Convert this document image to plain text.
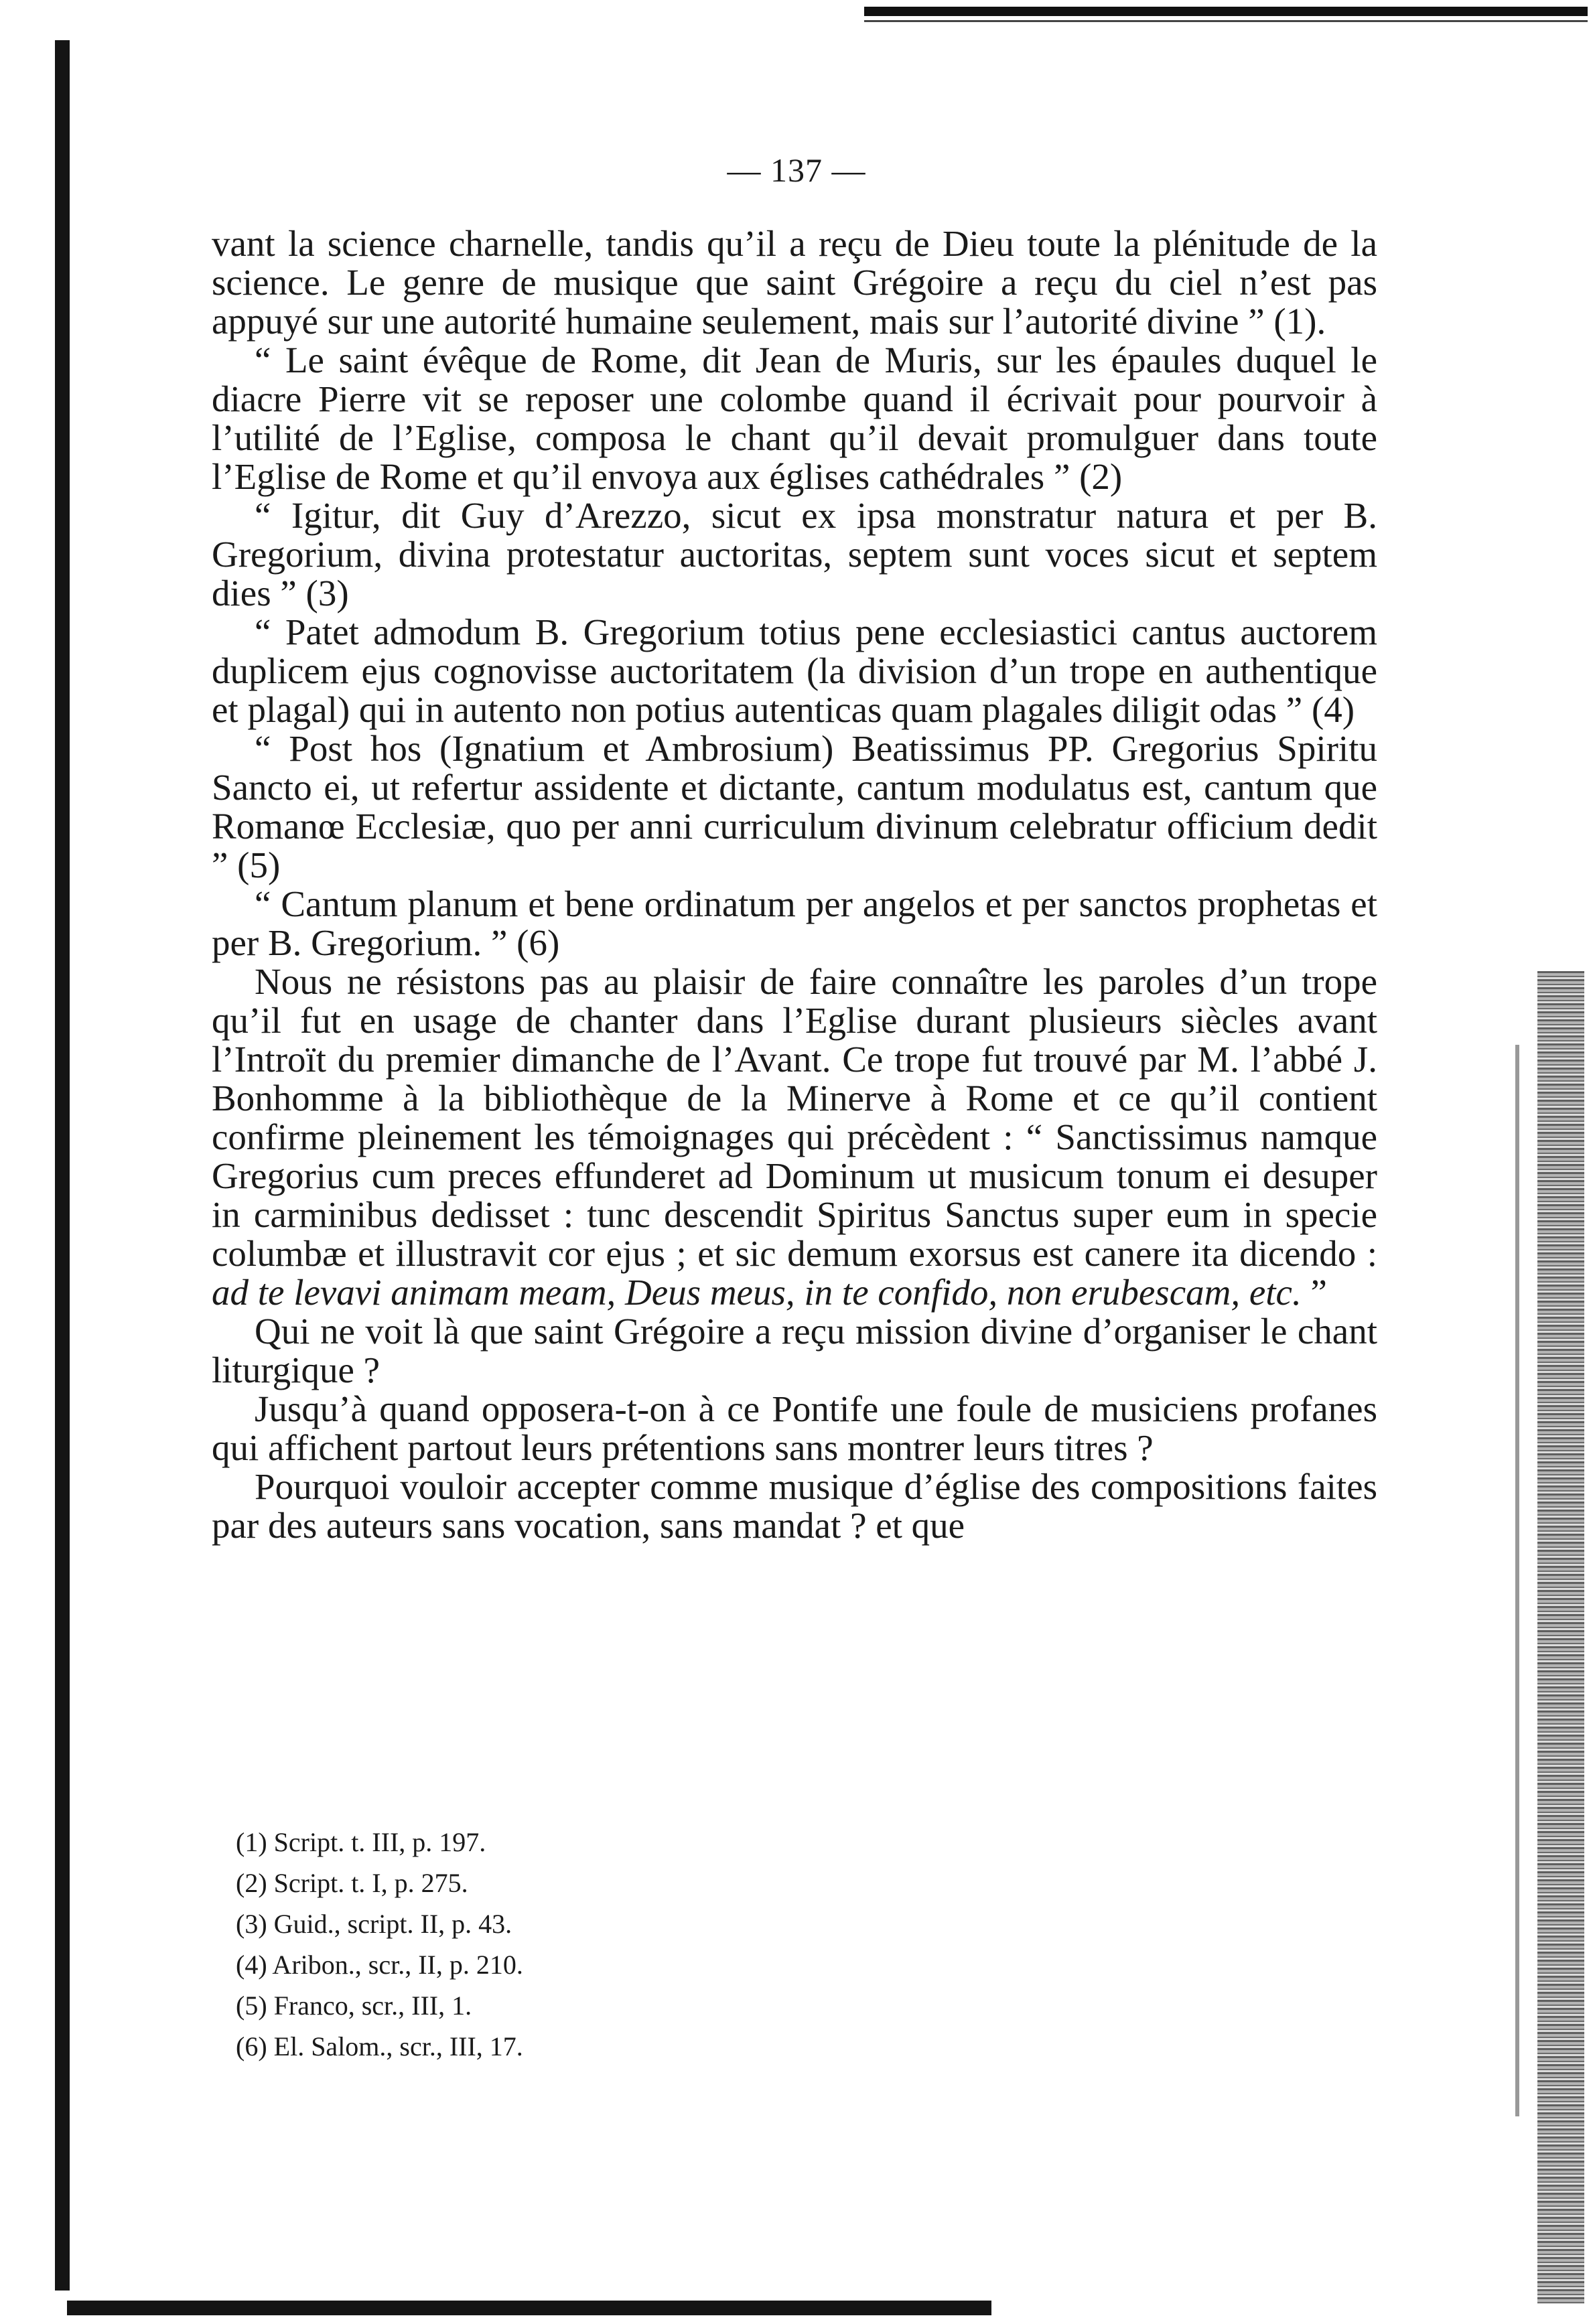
— 137 —

vant la science charnelle, tandis qu’il a reçu de Dieu toute la plénitude de la science. Le genre de musique que saint Grégoire a reçu du ciel n’est pas appuyé sur une autorité humaine seulement, mais sur l’autorité divine ” (1).

“ Le saint évêque de Rome, dit Jean de Muris, sur les épaules duquel le diacre Pierre vit se reposer une colombe quand il écrivait pour pourvoir à l’utilité de l’Eglise, composa le chant qu’il devait promulguer dans toute l’Eglise de Rome et qu’il envoya aux églises cathédrales ” (2)

“ Igitur, dit Guy d’Arezzo, sicut ex ipsa monstratur natura et per B. Gregorium, divina protestatur auctoritas, septem sunt voces sicut et septem dies ” (3)

“ Patet admodum B. Gregorium totius pene ecclesiastici cantus auctorem duplicem ejus cognovisse auctoritatem (la division d’un trope en authentique et plagal) qui in autento non potius autenticas quam plagales diligit odas ” (4)

“ Post hos (Ignatium et Ambrosium) Beatissimus PP. Gregorius Spiritu Sancto ei, ut refertur assidente et dictante, cantum modulatus est, cantum que Romanœ Ecclesiæ, quo per anni curriculum divinum celebratur officium dedit ” (5)

“ Cantum planum et bene ordinatum per angelos et per sanctos prophetas et per B. Gregorium. ” (6)

Nous ne résistons pas au plaisir de faire connaître les paroles d’un trope qu’il fut en usage de chanter dans l’Eglise durant plusieurs siècles avant l’Introït du premier dimanche de l’Avant. Ce trope fut trouvé par M. l’abbé J. Bonhomme à la bibliothèque de la Minerve à Rome et ce qu’il contient confirme pleinement les témoignages qui précèdent : “ Sanctissimus namque Gregorius cum preces effunderet ad Dominum ut musicum tonum ei desuper in carminibus dedisset : tunc descendit Spiritus Sanctus super eum in specie columbæ et illustravit cor ejus ; et sic demum exorsus est canere ita dicendo : ad te levavi animam meam, Deus meus, in te confido, non erubescam, etc. ”

Qui ne voit là que saint Grégoire a reçu mission divine d’organiser le chant liturgique ?

Jusqu’à quand opposera-t-on à ce Pontife une foule de musiciens profanes qui affichent partout leurs prétentions sans montrer leurs titres ?

Pourquoi vouloir accepter comme musique d’église des compositions faites par des auteurs sans vocation, sans mandat ? et que

(1) Script. t. III, p. 197.
(2) Script. t. I, p. 275.
(3) Guid., script. II, p. 43.
(4) Aribon., scr., II, p. 210.
(5) Franco, scr., III, 1.
(6) El. Salom., scr., III, 17.
